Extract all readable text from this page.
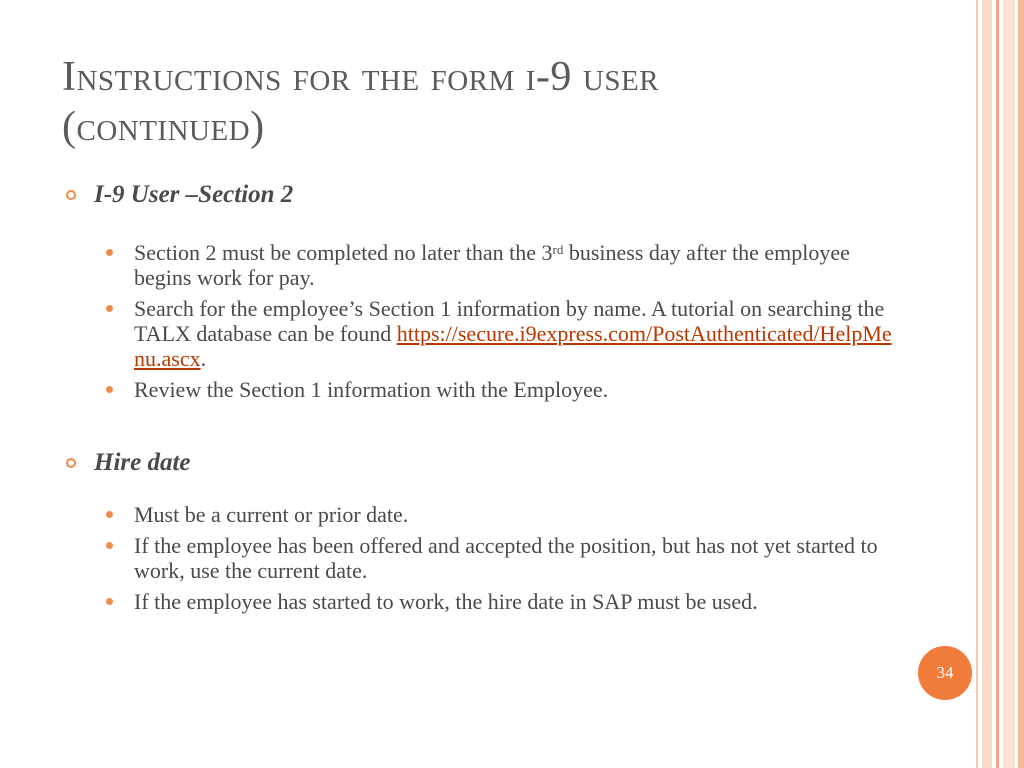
Instructions for the form i-9 user
(continued)
I-9 User –Section 2
Section 2 must be completed no later than the 3rd business day after the employee begins work for pay.
Search for the employee’s Section 1 information by name. A tutorial on searching the TALX database can be found https://secure.i9express.com/PostAuthenticated/HelpMenu.ascx.
Review the Section 1 information with the Employee.
Hire date
Must be a current or prior date.
If the employee has been offered and accepted the position, but has not yet started to work, use the current date.
If the employee has started to work, the hire date in SAP must be used.
34
